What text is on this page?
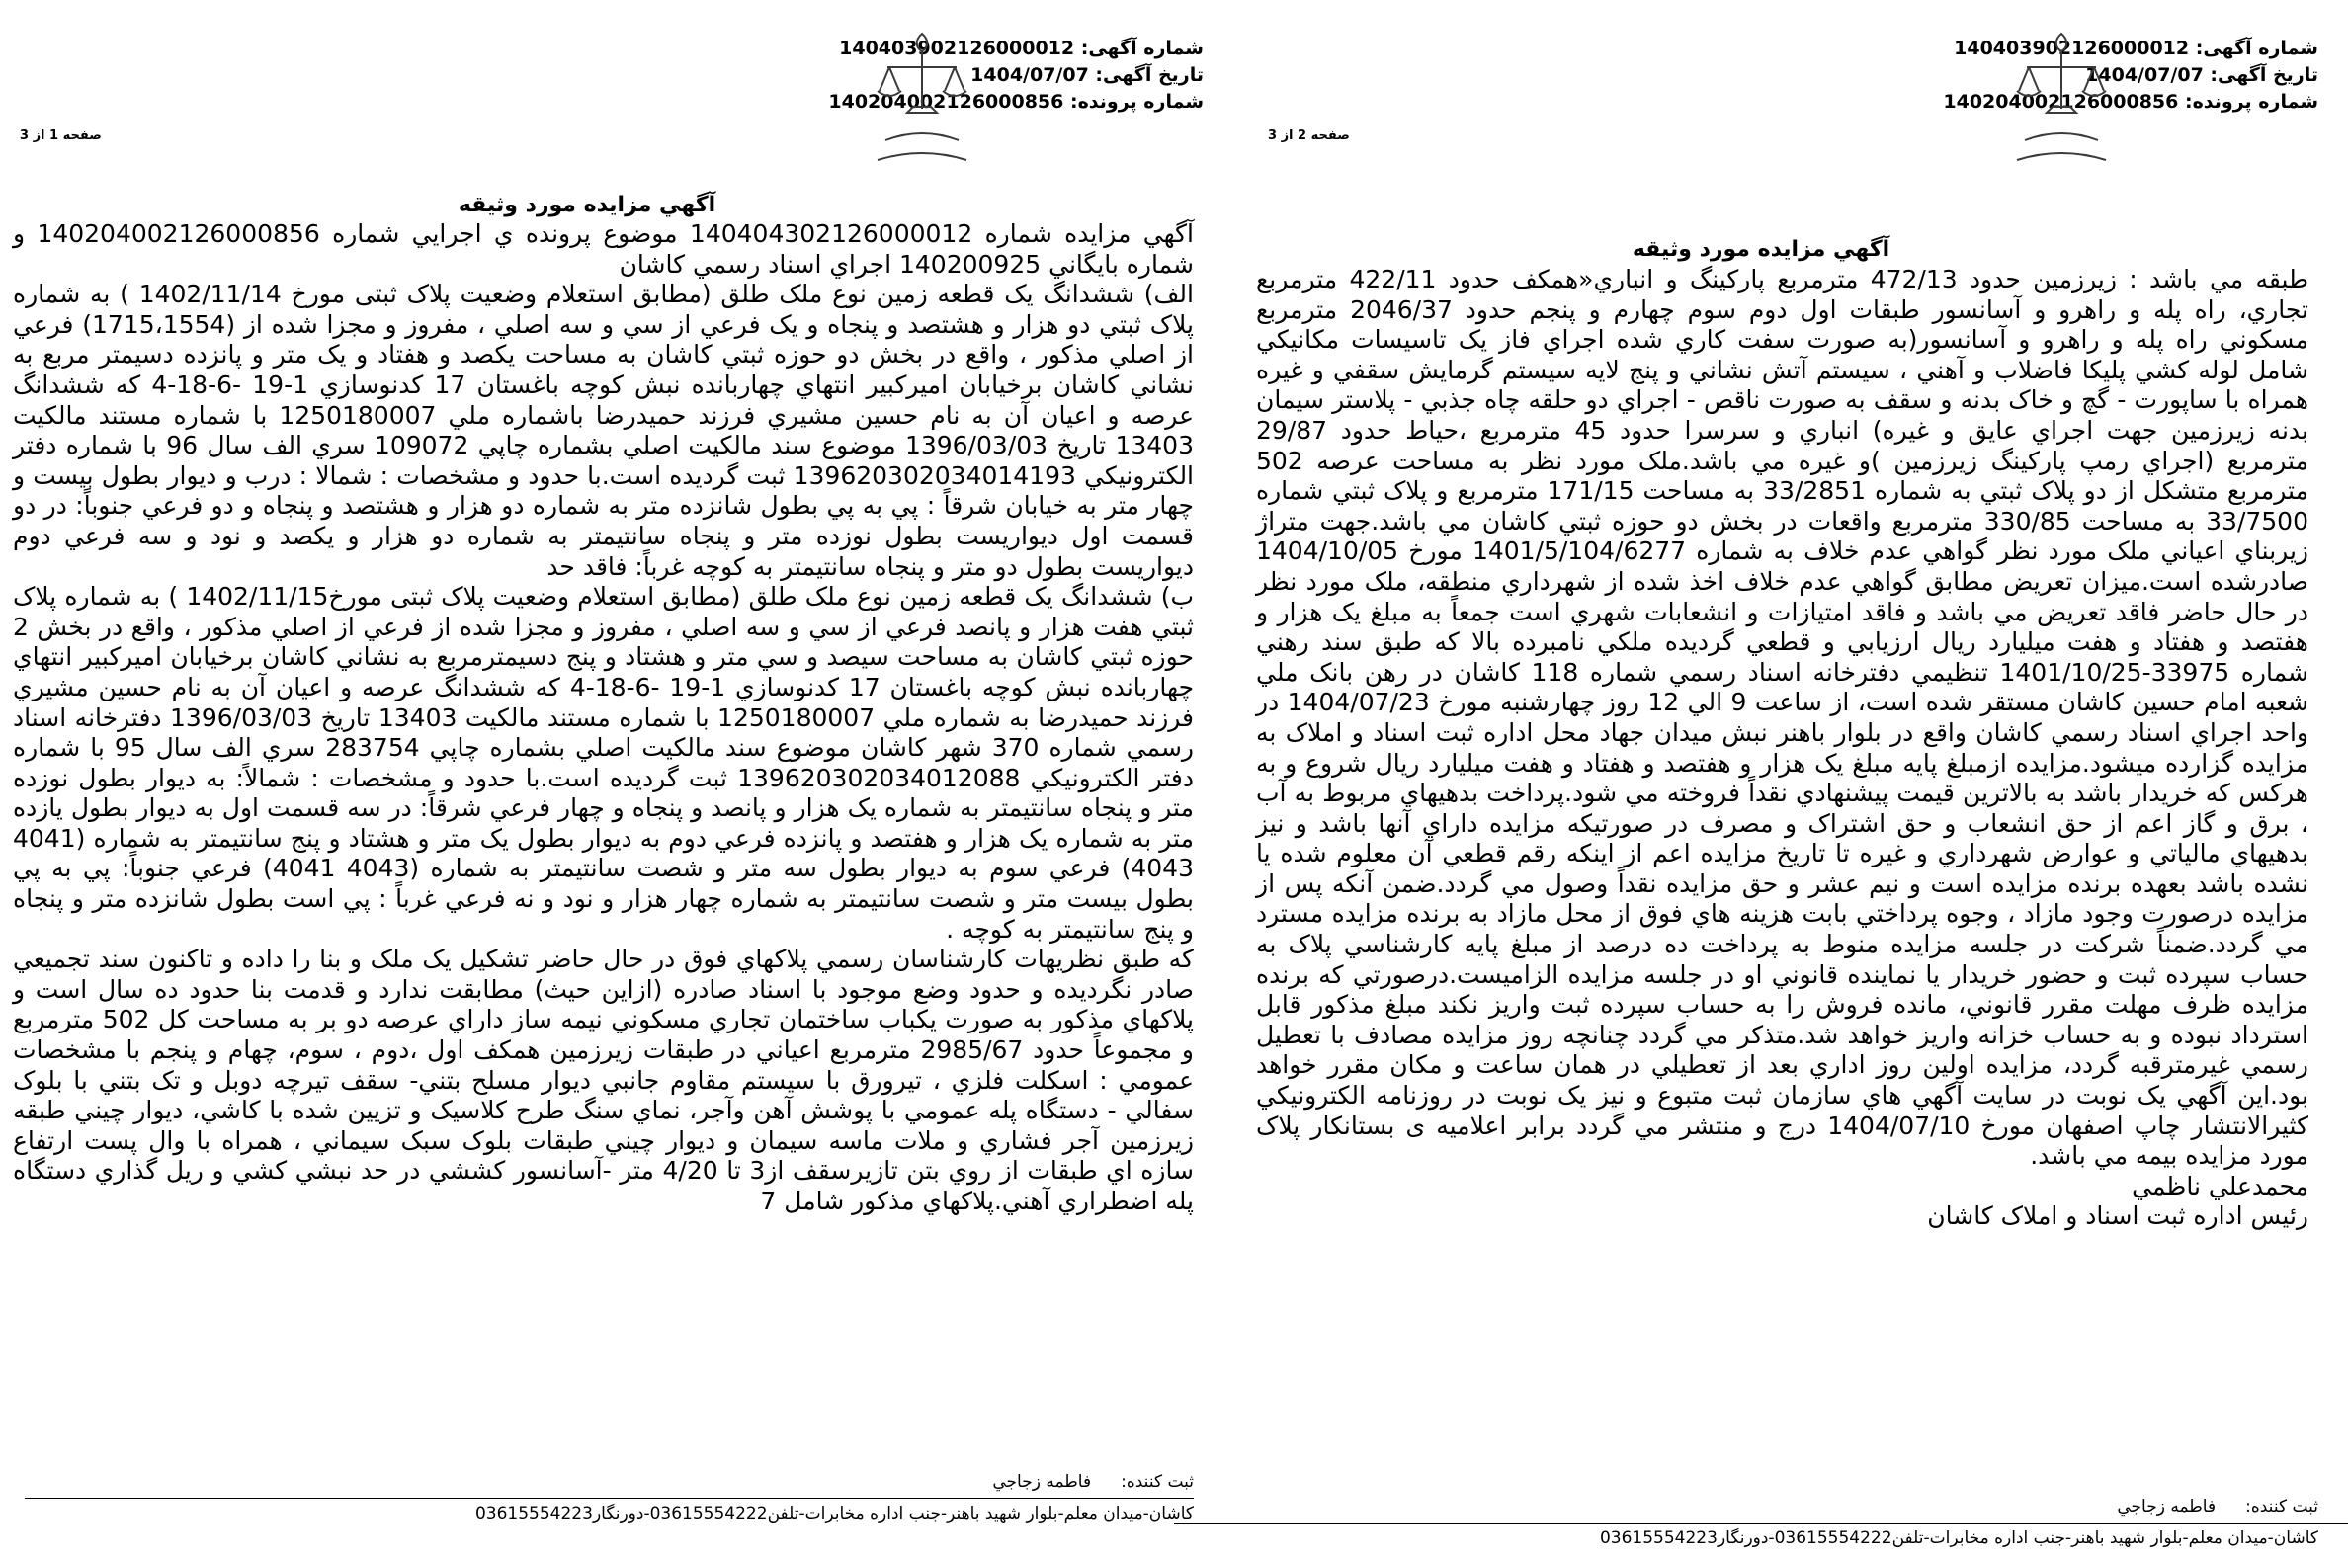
شماره آگهی: 140403902126000012
تاریخ آگهی: 1404/07/07
شماره پرونده: 140204002126000856
صفحه 1 از 3
آگهي مزايده مورد وثيقه

آگهي مزايده شماره 140404302126000012 موضوع پرونده ي اجرايي شماره 140204002126000856 و شماره بايگاني 140200925 اجراي اسناد رسمي كاشان

الف) ششدانگ يک قطعه زمين نوع ملک طلق (مطابق استعلام وضعيت پلاک ثبتی مورخ 1402/11/14 ) به شماره پلاک ثبتي دو هزار و هشتصد و پنجاه و يک فرعي از سي و سه اصلي ، مفروز و مجزا شده از (1715،1554) فرعي از اصلي مذكور ، واقع در بخش دو حوزه ثبتي كاشان به مساحت يكصد و هفتاد و يک متر و پانزده دسيمتر مربع به نشاني كاشان برخيابان اميركبير انتهاي چهاربانده نبش كوچه باغستان 17 كدنوسازي 1-19 -6-18-4 كه ششدانگ عرصه و اعيان آن به نام حسين مشيري فرزند حميدرضا باشماره ملي 1250180007 با شماره مستند مالكيت 13403 تاريخ 1396/03/03 موضوع سند مالكيت اصلي بشماره چاپي 109072 سري الف سال 96 با شماره دفتر الكترونيكي 139620302034014193 ثبت گرديده است.با حدود و مشخصات : شمالا : درب و ديوار بطول بيست و چهار متر به خيابان شرقاً : پي به پي بطول شانزده متر به شماره دو هزار و هشتصد و پنجاه و دو فرعي جنوباً: در دو قسمت اول ديواريست بطول نوزده متر و پنجاه سانتيمتر به شماره دو هزار و يكصد و نود و سه فرعي دوم ديواريست بطول دو متر و پنجاه سانتيمتر به كوچه غرباً: فاقد حد

ب) ششدانگ يک قطعه زمين نوع ملک طلق (مطابق استعلام وضعيت پلاک ثبتی مورخ1402/11/15 ) به شماره پلاک ثبتي هفت هزار و پانصد فرعي از سي و سه اصلي ، مفروز و مجزا شده از فرعي از اصلي مذكور ، واقع در بخش 2 حوزه ثبتي كاشان به مساحت سيصد و سي متر و هشتاد و پنج دسيمترمربع به نشاني كاشان برخيابان اميركبير انتهاي چهاربانده نبش كوچه باغستان 17 كدنوسازي 1-19 -6-18-4 كه ششدانگ عرصه و اعيان آن به نام حسين مشيري فرزند حميدرضا به شماره ملي 1250180007 با شماره مستند مالكيت 13403 تاريخ 1396/03/03 دفترخانه اسناد رسمي شماره 370 شهر كاشان موضوع سند مالكيت اصلي بشماره چاپي 283754 سري الف سال 95 با شماره دفتر الكترونيكي 139620302034012088 ثبت گرديده است.با حدود و مشخصات : شمالاً: به ديوار بطول نوزده متر و پنجاه سانتيمتر به شماره يک هزار و پانصد و پنجاه و چهار فرعي شرقاً: در سه قسمت اول به ديوار بطول يازده متر به شماره يک هزار و هفتصد و پانزده فرعي دوم به ديوار بطول يک متر و هشتاد و پنج سانتيمتر به شماره (4041 4043) فرعي سوم به ديوار بطول سه متر و شصت سانتيمتر به شماره (4043 4041) فرعي جنوباً: پي به پي بطول بيست متر و شصت سانتيمتر به شماره چهار هزار و نود و نه فرعي غرباً : پي است بطول شانزده متر و پنجاه و پنج سانتيمتر به كوچه .

كه طبق نظريهات كارشناسان رسمي پلاكهاي فوق در حال حاضر تشكيل يک ملک و بنا را داده و تاكنون سند تجميعي صادر نگرديده و حدود وضع موجود با اسناد صادره (ازاين حيث) مطابقت ندارد و قدمت بنا حدود ده سال است و پلاكهاي مذكور به صورت يكباب ساختمان تجاري مسكوني نيمه ساز داراي عرصه دو بر به مساحت كل 502 مترمربع و مجموعاً حدود 2985/67 مترمربع اعياني در طبقات زيرزمين همكف اول ،دوم ، سوم، چهام و پنجم با مشخصات عمومي : اسكلت فلزي ، تيرورق با سيستم مقاوم جانبي ديوار مسلح بتني- سقف تيرچه دوبل و تک بتني با بلوک سفالي - دستگاه پله عمومي با پوشش آهن وآجر، نماي سنگ طرح كلاسيک و تزيين شده با كاشي، ديوار چيني طبقه زيرزمين آجر فشاري و ملات ماسه سيمان و ديوار چيني طبقات بلوک سبک سيماني ، همراه با وال پست ارتفاع سازه اي طبقات از روي بتن تازيرسقف از3 تا 4/20 متر -آسانسور كششي در حد نبشي كشي و ريل گذاري دستگاه پله اضطراري آهني.پلاكهاي مذكور شامل 7

ثبت كننده:فاطمه زجاجي
كاشان-ميدان معلم-بلوار شهيد باهنر-جنب اداره مخابرات-تلفن03615554222-دورنگار03615554223
شماره آگهی: 140403902126000012
تاریخ آگهی: 1404/07/07
شماره پرونده: 140204002126000856
صفحه 2 از 3
آگهي مزايده مورد وثيقه

طبقه مي باشد : زيرزمين حدود 472/13 مترمربع پاركينگ و انباري«همكف حدود 422/11 مترمربع تجاري، راه پله و راهرو و آسانسور طبقات اول دوم سوم چهارم و پنجم حدود 2046/37 مترمربع مسكوني راه پله و راهرو و آسانسور(به صورت سفت كاري شده اجراي فاز يک تاسيسات مكانيكي شامل لوله كشي پليكا فاضلاب و آهني ، سيستم آتش نشاني و پنج لايه سيستم گرمايش سقفي و غيره همراه با ساپورت - گچ و خاک بدنه و سقف به صورت ناقص - اجراي دو حلقه چاه جذبي - پلاستر سيمان بدنه زيرزمين جهت اجراي عايق و غيره) انباري و سرسرا حدود 45 مترمربع ،حياط حدود 29/87 مترمربع (اجراي رمپ پاركينگ زيرزمين )و غيره مي باشد.ملک مورد نظر به مساحت عرصه 502 مترمربع متشكل از دو پلاک ثبتي به شماره 33/2851 به مساحت 171/15 مترمربع و پلاک ثبتي شماره 33/7500 به مساحت 330/85 مترمربع واقعات در بخش دو حوزه ثبتي كاشان مي باشد.جهت متراژ زيربناي اعياني ملک مورد نظر گواهي عدم خلاف به شماره 1401/5/104/6277 مورخ 1404/10/05 صادرشده است.ميزان تعريض مطابق گواهي عدم خلاف اخذ شده از شهرداري منطقه، ملک مورد نظر در حال حاضر فاقد تعريض مي باشد و فاقد امتيازات و انشعابات شهري است جمعاً به مبلغ يک هزار و هفتصد و هفتاد و هفت ميليارد ريال ارزيابي و قطعي گرديده ملكي نامبرده بالا كه طبق سند رهني شماره 33975-1401/10/25 تنظيمي دفترخانه اسناد رسمي شماره 118 كاشان در رهن بانک ملي شعبه امام حسين كاشان مستقر شده است، از ساعت 9 الي 12 روز چهارشنبه مورخ 1404/07/23 در واحد اجراي اسناد رسمي كاشان واقع در بلوار باهنر نبش ميدان جهاد محل اداره ثبت اسناد و املاک به مزايده گزارده ميشود.مزايده ازمبلغ پايه مبلغ يک هزار و هفتصد و هفتاد و هفت ميليارد ريال شروع و به هركس كه خريدار باشد به بالاترين قيمت پيشنهادي نقداً فروخته مي شود.پرداخت بدهيهاي مربوط به آب ، برق و گاز اعم از حق انشعاب و حق اشتراک و مصرف در صورتيكه مزايده داراي آنها باشد و نيز بدهيهاي مالياتي و عوارض شهرداري و غيره تا تاريخ مزايده اعم از اينكه رقم قطعي آن معلوم شده يا نشده باشد بعهده برنده مزايده است و نيم عشر و حق مزايده نقداً وصول مي گردد.ضمن آنكه پس از مزايده درصورت وجود مازاد ، وجوه پرداختي بابت هزينه هاي فوق از محل مازاد به برنده مزايده مسترد مي گردد.ضمناً شركت در جلسه مزايده منوط به پرداخت ده درصد از مبلغ پايه كارشناسي پلاک به حساب سپرده ثبت و حضور خريدار يا نماينده قانوني او در جلسه مزايده الزاميست.درصورتي كه برنده مزايده ظرف مهلت مقرر قانوني، مانده فروش را به حساب سپرده ثبت واريز نكند مبلغ مذكور قابل استرداد نبوده و به حساب خزانه واريز خواهد شد.متذكر مي گردد چنانچه روز مزايده مصادف با تعطيل رسمي غيرمترقبه گردد، مزايده اولين روز اداري بعد از تعطيلي در همان ساعت و مكان مقرر خواهد بود.اين آگهي يک نوبت در سايت آگهي هاي سازمان ثبت متبوع و نيز يک نوبت در روزنامه الكترونيكي كثيرالانتشار چاپ اصفهان مورخ 1404/07/10 درج و منتشر مي گردد برابر اعلاميه ی بستانكار پلاک مورد مزايده بيمه مي باشد.

محمدعلي ناظمي

رئيس اداره ثبت اسناد و املاک كاشان

ثبت كننده:فاطمه زجاجي
كاشان-ميدان معلم-بلوار شهيد باهنر-جنب اداره مخابرات-تلفن03615554222-دورنگار03615554223
